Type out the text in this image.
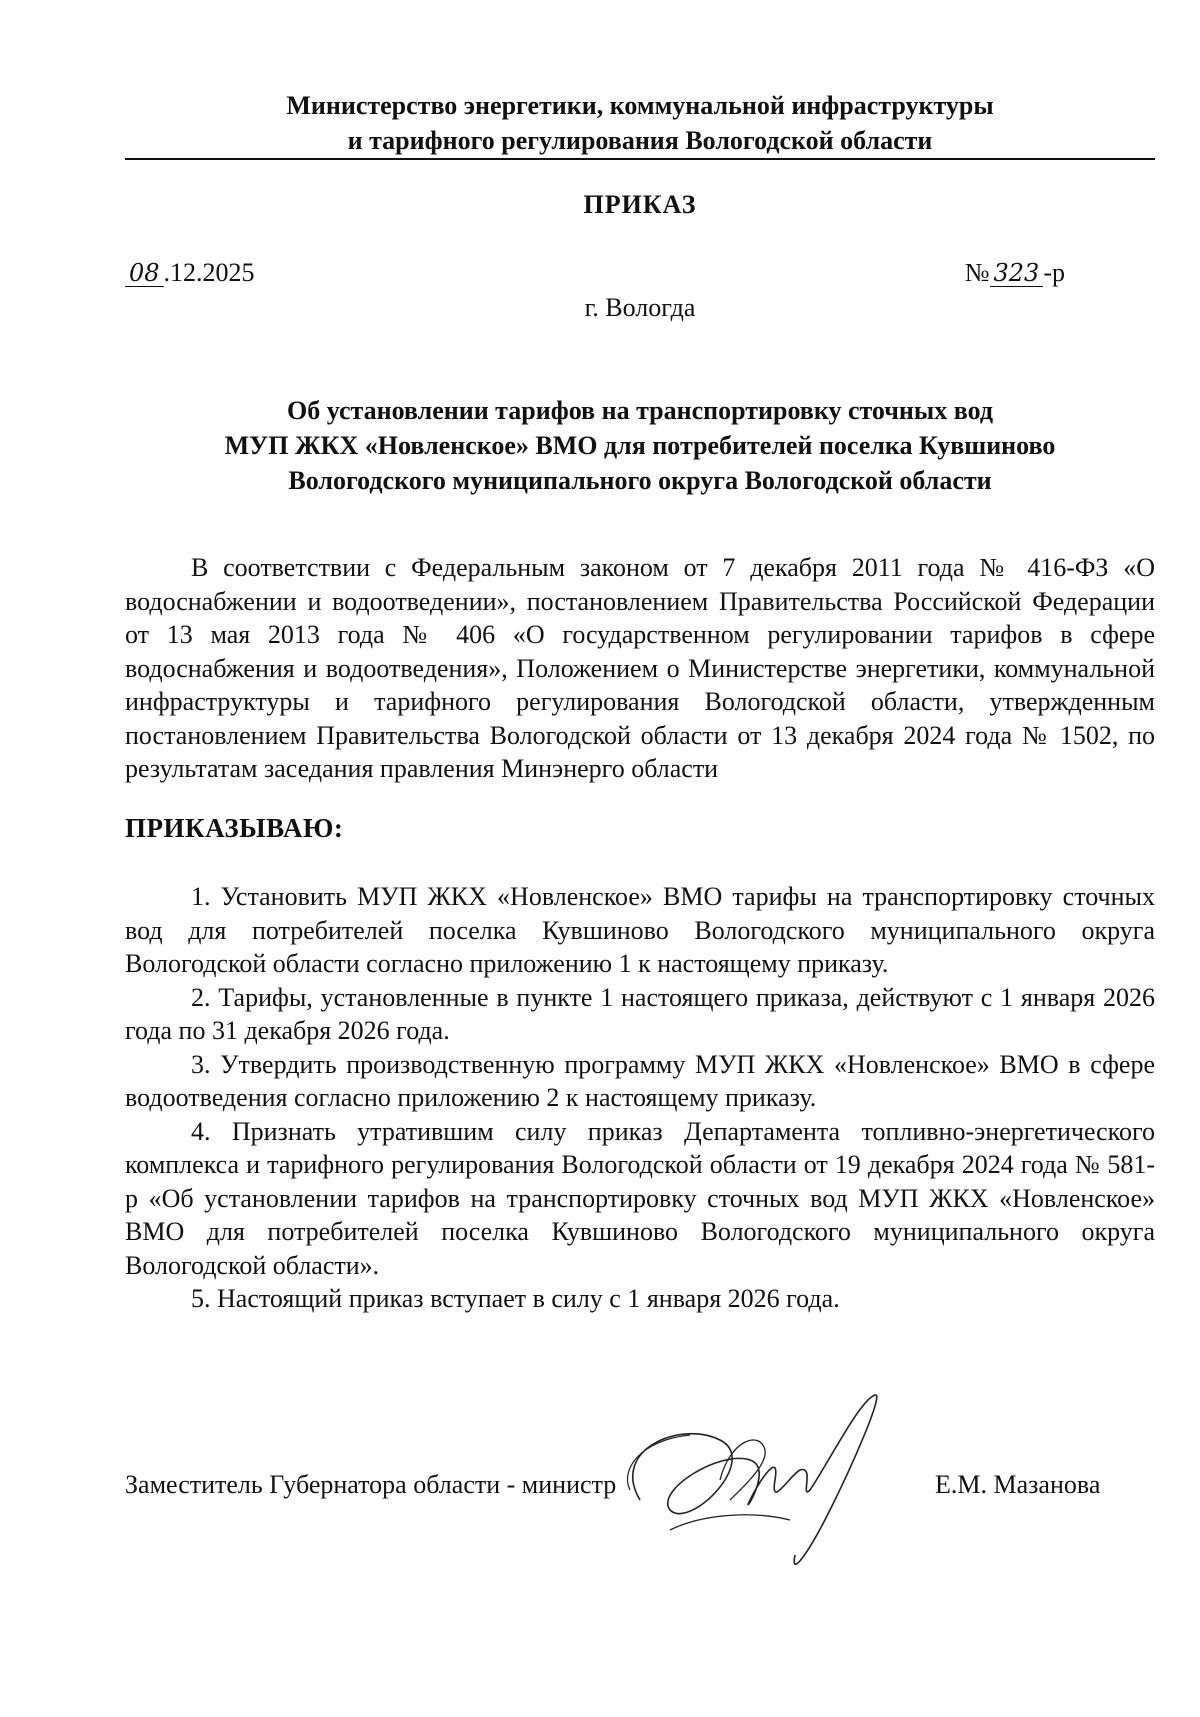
Министерство энергетики, коммунальной инфраструктуры
и тарифного регулирования Вологодской области
ПРИКАЗ
08 .12.2025	№ 323 -р
г. Вологда
Об установлении тарифов на транспортировку сточных вод
МУП ЖКХ «Новленское» ВМО для потребителей поселка Кувшиново
Вологодского муниципального округа Вологодской области

В соответствии с Федеральным законом от 7 декабря 2011 года № 416-ФЗ «О водоснабжении и водоотведении», постановлением Правительства Российской Федерации от 13 мая 2013 года № 406 «О государственном регулировании тарифов в сфере водоснабжения и водоотведения», Положением о Министерстве энергетики, коммунальной инфраструктуры и тарифного регулирования Вологодской области, утвержденным постановлением Правительства Вологодской области от 13 декабря 2024 года № 1502, по результатам заседания правления Минэнерго области

ПРИКАЗЫВАЮ:

1. Установить МУП ЖКХ «Новленское» ВМО тарифы на транспортировку сточных вод для потребителей поселка Кувшиново Вологодского муниципального округа Вологодской области согласно приложению 1 к настоящему приказу.

2. Тарифы, установленные в пункте 1 настоящего приказа, действуют с 1 января 2026 года по 31 декабря 2026 года.

3. Утвердить производственную программу МУП ЖКХ «Новленское» ВМО в сфере водоотведения согласно приложению 2 к настоящему приказу.

4. Признать утратившим силу приказ Департамента топливно-энергетического комплекса и тарифного регулирования Вологодской области от 19 декабря 2024 года № 581-р «Об установлении тарифов на транспортировку сточных вод МУП ЖКХ «Новленское» ВМО для потребителей поселка Кувшиново Вологодского муниципального округа Вологодской области».

5. Настоящий приказ вступает в силу с 1 января 2026 года.

Заместитель Губернатора области - министр	Е.М. Мазанова
